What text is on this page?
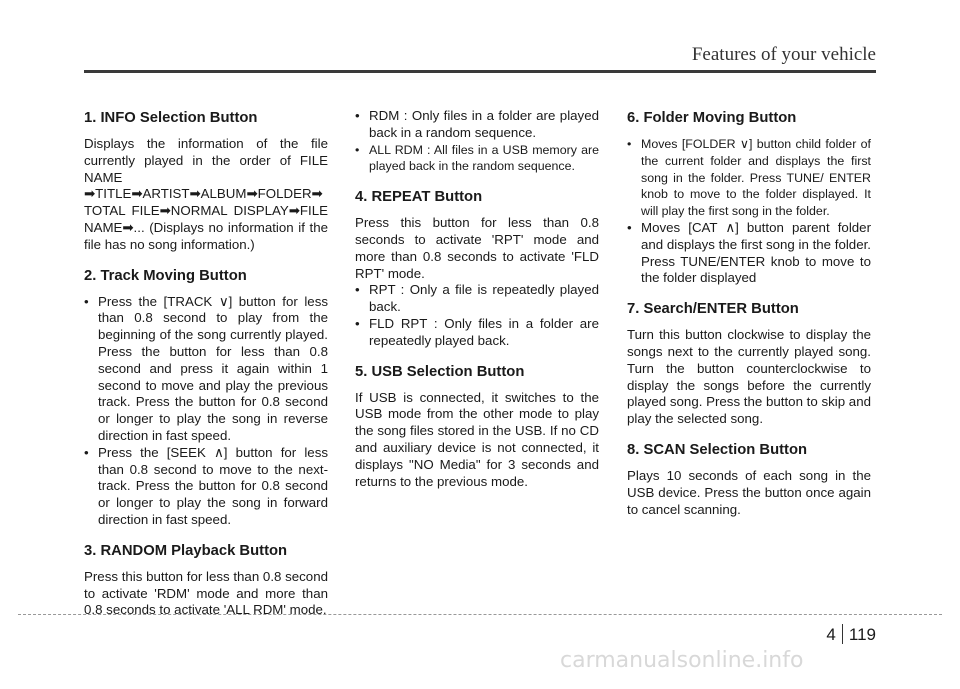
Features of your vehicle
1. INFO Selection Button

Displays the information of the file currently played in the order of FILE NAME ➡TITLE➡ARTIST➡ALBUM➡FOLDER➡ TOTAL FILE➡NORMAL DISPLAY➡FILE NAME➡... (Displays no information if the file has no song information.)

2. Track Moving Button
• Press the [TRACK ∨] button for less than 0.8 second to play from the beginning of the song currently played. Press the button for less than 0.8 second and press it again within 1 second to move and play the previous track. Press the button for 0.8 second or longer to play the song in reverse direction in fast speed.
• Press the [SEEK ∧] button for less than 0.8 second to move to the next-track. Press the button for 0.8 second or longer to play the song in forward direction in fast speed.
3. RANDOM Playback Button

Press this button for less than 0.8 second to activate 'RDM' mode and more than 0.8 seconds to activate 'ALL RDM' mode.

• RDM : Only files in a folder are played back in a random sequence.
• ALL RDM : All files in a USB memory are played back in the random sequence.
4. REPEAT Button

Press this button for less than 0.8 seconds to activate 'RPT' mode and more than 0.8 seconds to activate 'FLD RPT' mode.

• RPT : Only a file is repeatedly played back.
• FLD RPT : Only files in a folder are repeatedly played back.
5. USB Selection Button

If USB is connected, it switches to the USB mode from the other mode to play the song files stored in the USB. If no CD and auxiliary device is not connected, it displays "NO Media" for 3 seconds and returns to the previous mode.

6. Folder Moving Button
• Moves [FOLDER ∨] button child folder of the current folder and displays the first song in the folder. Press TUNE/ ENTER knob to move to the folder displayed. It will play the first song in the folder.
• Moves [CAT ∧] button parent folder and displays the first song in the folder. Press TUNE/ENTER knob to move to the folder displayed
7. Search/ENTER Button

Turn this button clockwise to display the songs next to the currently played song. Turn the button counterclockwise to display the songs before the currently played song. Press the button to skip and play the selected song.

8. SCAN Selection Button

Plays 10 seconds of each song in the USB device. Press the button once again to cancel scanning.

4 119
carmanualsonline.info
